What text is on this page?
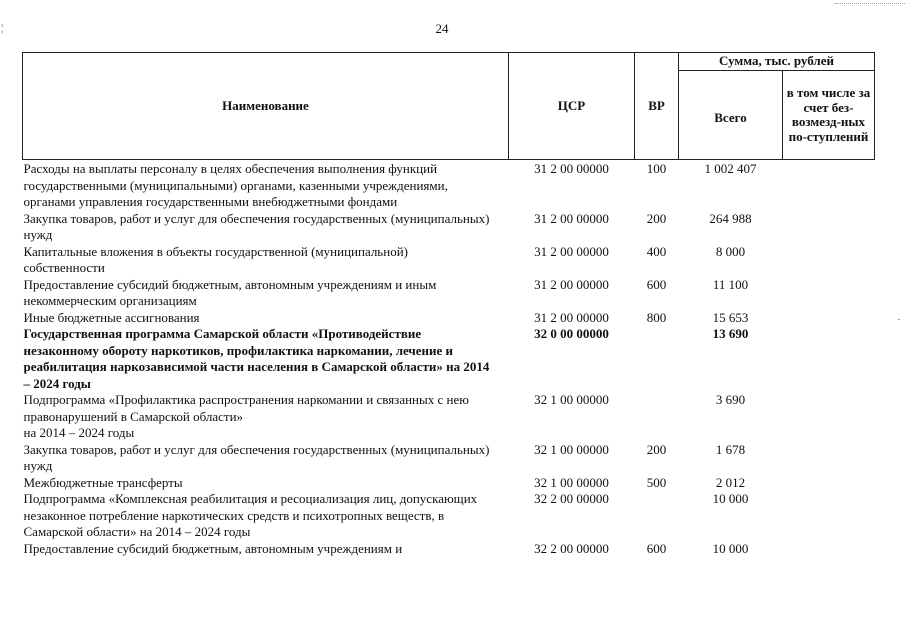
¦
·
24
Наименование	ЦСР	ВР	Сумма, тыс. рублей	
			Всего	в том числе за счет без-возмезд-ных по-ступлений
Расходы на выплаты персоналу в целях обеспечения выполнения функций государственными (муниципальными) органами, казенными учреждениями, органами управления государственными внебюджетными фондами	31 2 00 00000	100	1 002 407	
Закупка товаров, работ и услуг для обеспечения государственных (муниципальных) нужд	31 2 00 00000	200	264 988	
Капитальные вложения в объекты государственной (муниципальной) собственности	31 2 00 00000	400	8 000	
Предоставление субсидий бюджетным, автономным учреждениям и иным некоммерческим организациям	31 2 00 00000	600	11 100	
Иные бюджетные ассигнования	31 2 00 00000	800	15 653	
Государственная программа Самарской области «Противодействие незаконному обороту наркотиков, профилактика наркомании, лечение и реабилитация наркозависимой части населения в Самарской области» на 2014 – 2024 годы	32 0 00 00000		13 690	
Подпрограмма «Профилактика распространения наркомании и связанных с нею правонарушений в Самарской области»
на 2014 – 2024 годы	32 1 00 00000		3 690	
Закупка товаров, работ и услуг для обеспечения государственных (муниципальных) нужд	32 1 00 00000	200	1 678	
Межбюджетные трансферты	32 1 00 00000	500	2 012	
Подпрограмма «Комплексная реабилитация и ресоциализация лиц, допускающих незаконное потребление наркотических средств и психотропных веществ, в Самарской области» на 2014 – 2024 годы	32 2 00 00000		10 000	
Предоставление субсидий бюджетным, автономным учреждениям и	32 2 00 00000	600	10 000	
